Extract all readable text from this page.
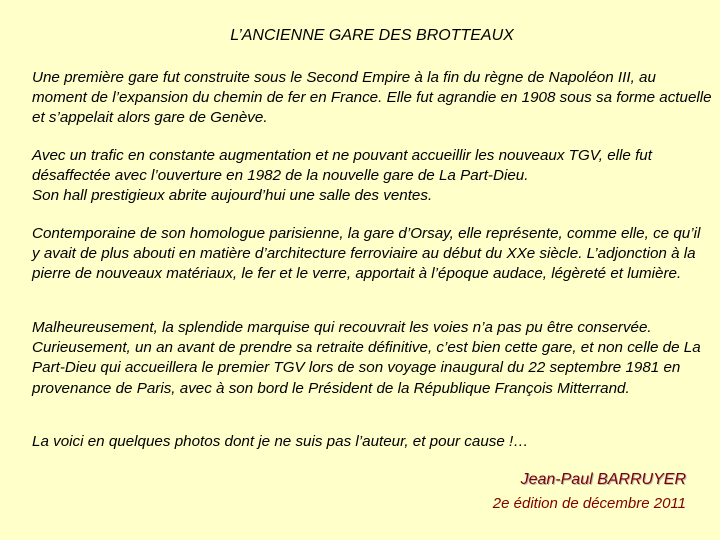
L’ANCIENNE GARE DES BROTTEAUX

Une première gare fut construite sous le Second Empire à la fin du règne de Napoléon III, au moment de l’expansion du chemin de fer en France. Elle fut agrandie en 1908 sous sa forme actuelle et s’appelait alors gare de Genève.

Avec un trafic en constante augmentation et ne pouvant accueillir les nouveaux TGV, elle fut désaffectée avec l’ouverture en 1982 de la nouvelle gare de La Part-Dieu.

Son hall prestigieux abrite aujourd’hui une salle des ventes.

Contemporaine de son homologue parisienne, la gare d’Orsay, elle représente, comme elle, ce qu’il y avait de plus abouti en matière d’architecture ferroviaire au début du XXe siècle. L’adjonction à la pierre de nouveaux matériaux, le fer et le verre, apportait à l’époque audace, légèreté et lumière.

Malheureusement, la splendide marquise qui recouvrait les voies n’a pas pu être conservée. Curieusement, un an avant de prendre sa retraite définitive, c’est bien cette gare, et non celle de La Part-Dieu qui accueillera le premier TGV lors de son voyage inaugural du 22 septembre 1981 en provenance de Paris, avec à son bord le Président de la République François Mitterrand.

La voici en quelques photos dont je ne suis pas l’auteur, et pour cause !…

Jean-Paul BARRUYER
2e édition de décembre 2011
